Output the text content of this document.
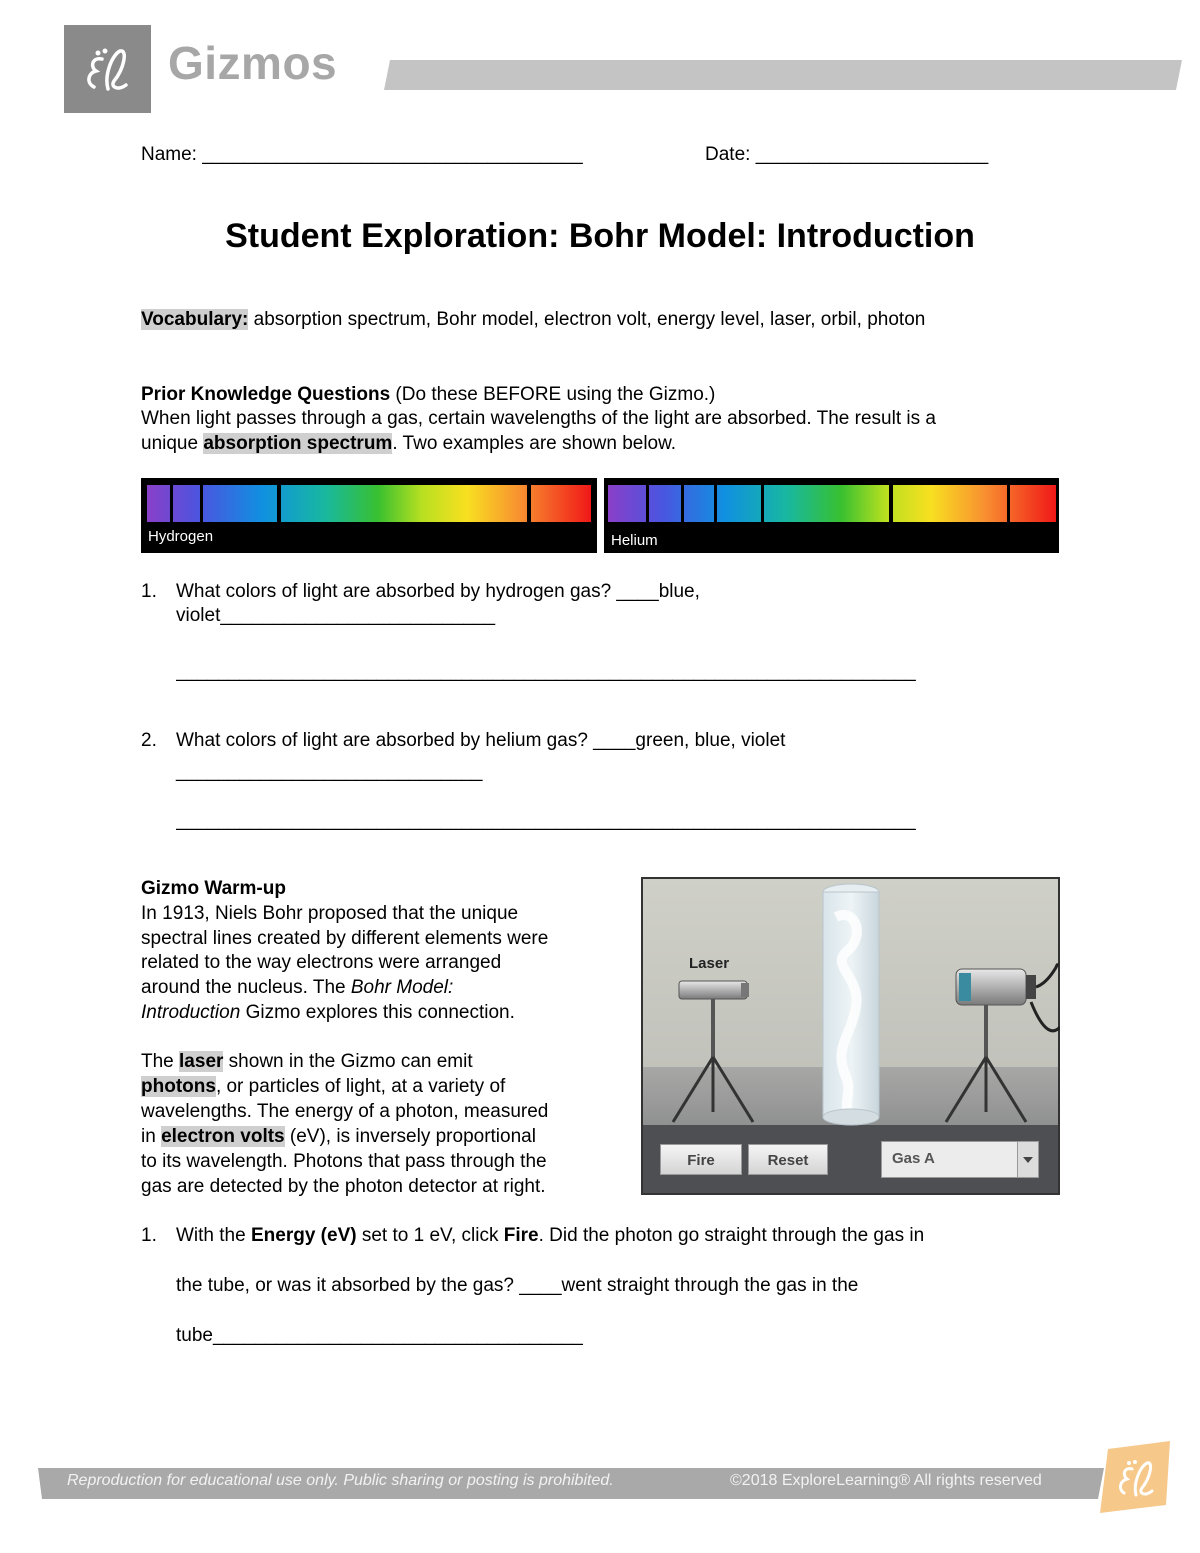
Gizmos
Name: ____________________________________	Date: ______________________
Student Exploration: Bohr Model: Introduction
Vocabulary: absorption spectrum, Bohr model, electron volt, energy level, laser, orbil, photon
Prior Knowledge Questions (Do these BEFORE using the Gizmo.)
When light passes through a gas, certain wavelengths of the light are absorbed. The result is a
unique absorption spectrum. Two examples are shown below.
Hydrogen	Helium
1. What colors of light are absorbed by hydrogen gas? ____blue,
violet__________________________
______________________________________________________________________
2. What colors of light are absorbed by helium gas? ____green, blue, violet
_____________________________
______________________________________________________________________
Gizmo Warm-up
In 1913, Niels Bohr proposed that the unique
spectral lines created by different elements were
related to the way electrons were arranged
around the nucleus. The Bohr Model:
Introduction Gizmo explores this connection.
The laser shown in the Gizmo can emit
photons, or particles of light, at a variety of
wavelengths. The energy of a photon, measured
in electron volts (eV), is inversely proportional
to its wavelength. Photons that pass through the
gas are detected by the photon detector at right.
Laser
Fire	Reset	Gas A
1. With the Energy (eV) set to 1 eV, click Fire. Did the photon go straight through the gas in
the tube, or was it absorbed by the gas? ____went straight through the gas in the
tube___________________________________
Reproduction for educational use only. Public sharing or posting is prohibited.	©2018 ExploreLearning® All rights reserved
